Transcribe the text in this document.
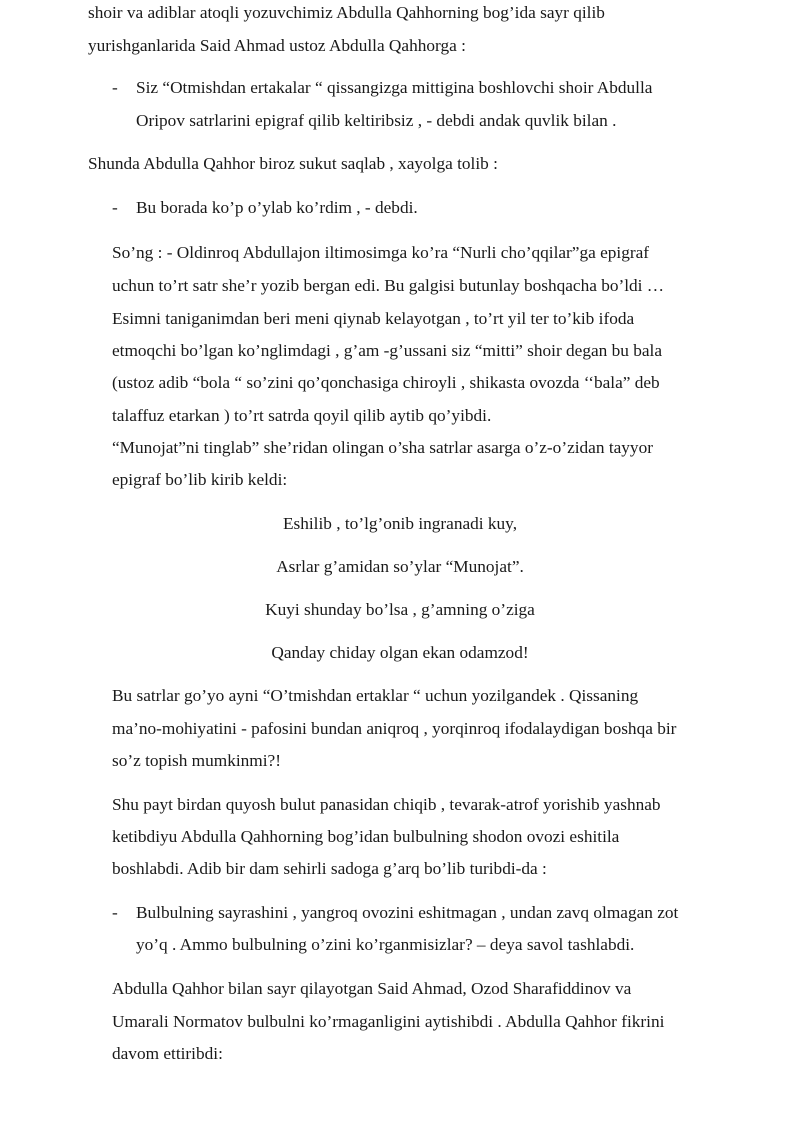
shoir va adiblar atoqli yozuvchimiz Abdulla Qahhorning bog’ida sayr qilib
yurishganlarida Said Ahmad ustoz Abdulla Qahhorga :
- Siz “Otmishdan ertakalar “ qissangizga mittigina boshlovchi shoir Abdulla
Oripov satrlarini epigraf qilib keltiribsiz , - debdi andak quvlik bilan .
Shunda Abdulla Qahhor biroz sukut saqlab , xayolga tolib :
- Bu borada ko’p o’ylab ko’rdim , - debdi.
So’ng : - Oldinroq Abdullajon iltimosimga ko’ra “Nurli cho’qqilar”ga epigraf
uchun to’rt satr she’r yozib bergan edi. Bu galgisi butunlay boshqacha bo’ldi …
Esimni taniganimdan beri meni qiynab kelayotgan , to’rt yil ter to’kib ifoda
etmoqchi bo’lgan ko’nglimdagi , g’am -g’ussani siz “mitti” shoir degan bu bala
(ustoz adib “bola “ so’zini qo’qonchasiga chiroyli , shikasta ovozda ‘‘bala” deb
talaffuz etarkan ) to’rt satrda qoyil qilib aytib qo’yibdi.
“Munojat”ni tinglab” she’ridan olingan o’sha satrlar asarga o’z-o’zidan tayyor
epigraf bo’lib kirib keldi:
Eshilib , to’lg’onib ingranadi kuy,
Asrlar g’amidan so’ylar “Munojat”.
Kuyi shunday bo’lsa , g’amning o’ziga
Qanday chiday olgan ekan odamzod!
Bu satrlar go’yo ayni “O’tmishdan ertaklar “ uchun yozilgandek . Qissaning
ma’no-mohiyatini - pafosini bundan aniqroq , yorqinroq ifodalaydigan boshqa bir
so’z topish mumkinmi?!
Shu payt birdan quyosh bulut panasidan chiqib , tevarak-atrof yorishib yashnab
ketibdiyu Abdulla Qahhorning bog’idan bulbulning shodon ovozi eshitila
boshlabdi. Adib bir dam sehirli sadoga g’arq bo’lib turibdi-da :
- Bulbulning sayrashini , yangroq ovozini eshitmagan , undan zavq olmagan zot
yo’q . Ammo bulbulning o’zini ko’rganmisizlar? – deya savol tashlabdi.
Abdulla Qahhor bilan sayr qilayotgan Said Ahmad, Ozod Sharafiddinov va
Umarali Normatov bulbulni ko’rmaganligini aytishibdi . Abdulla Qahhor fikrini
davom ettiribdi:
